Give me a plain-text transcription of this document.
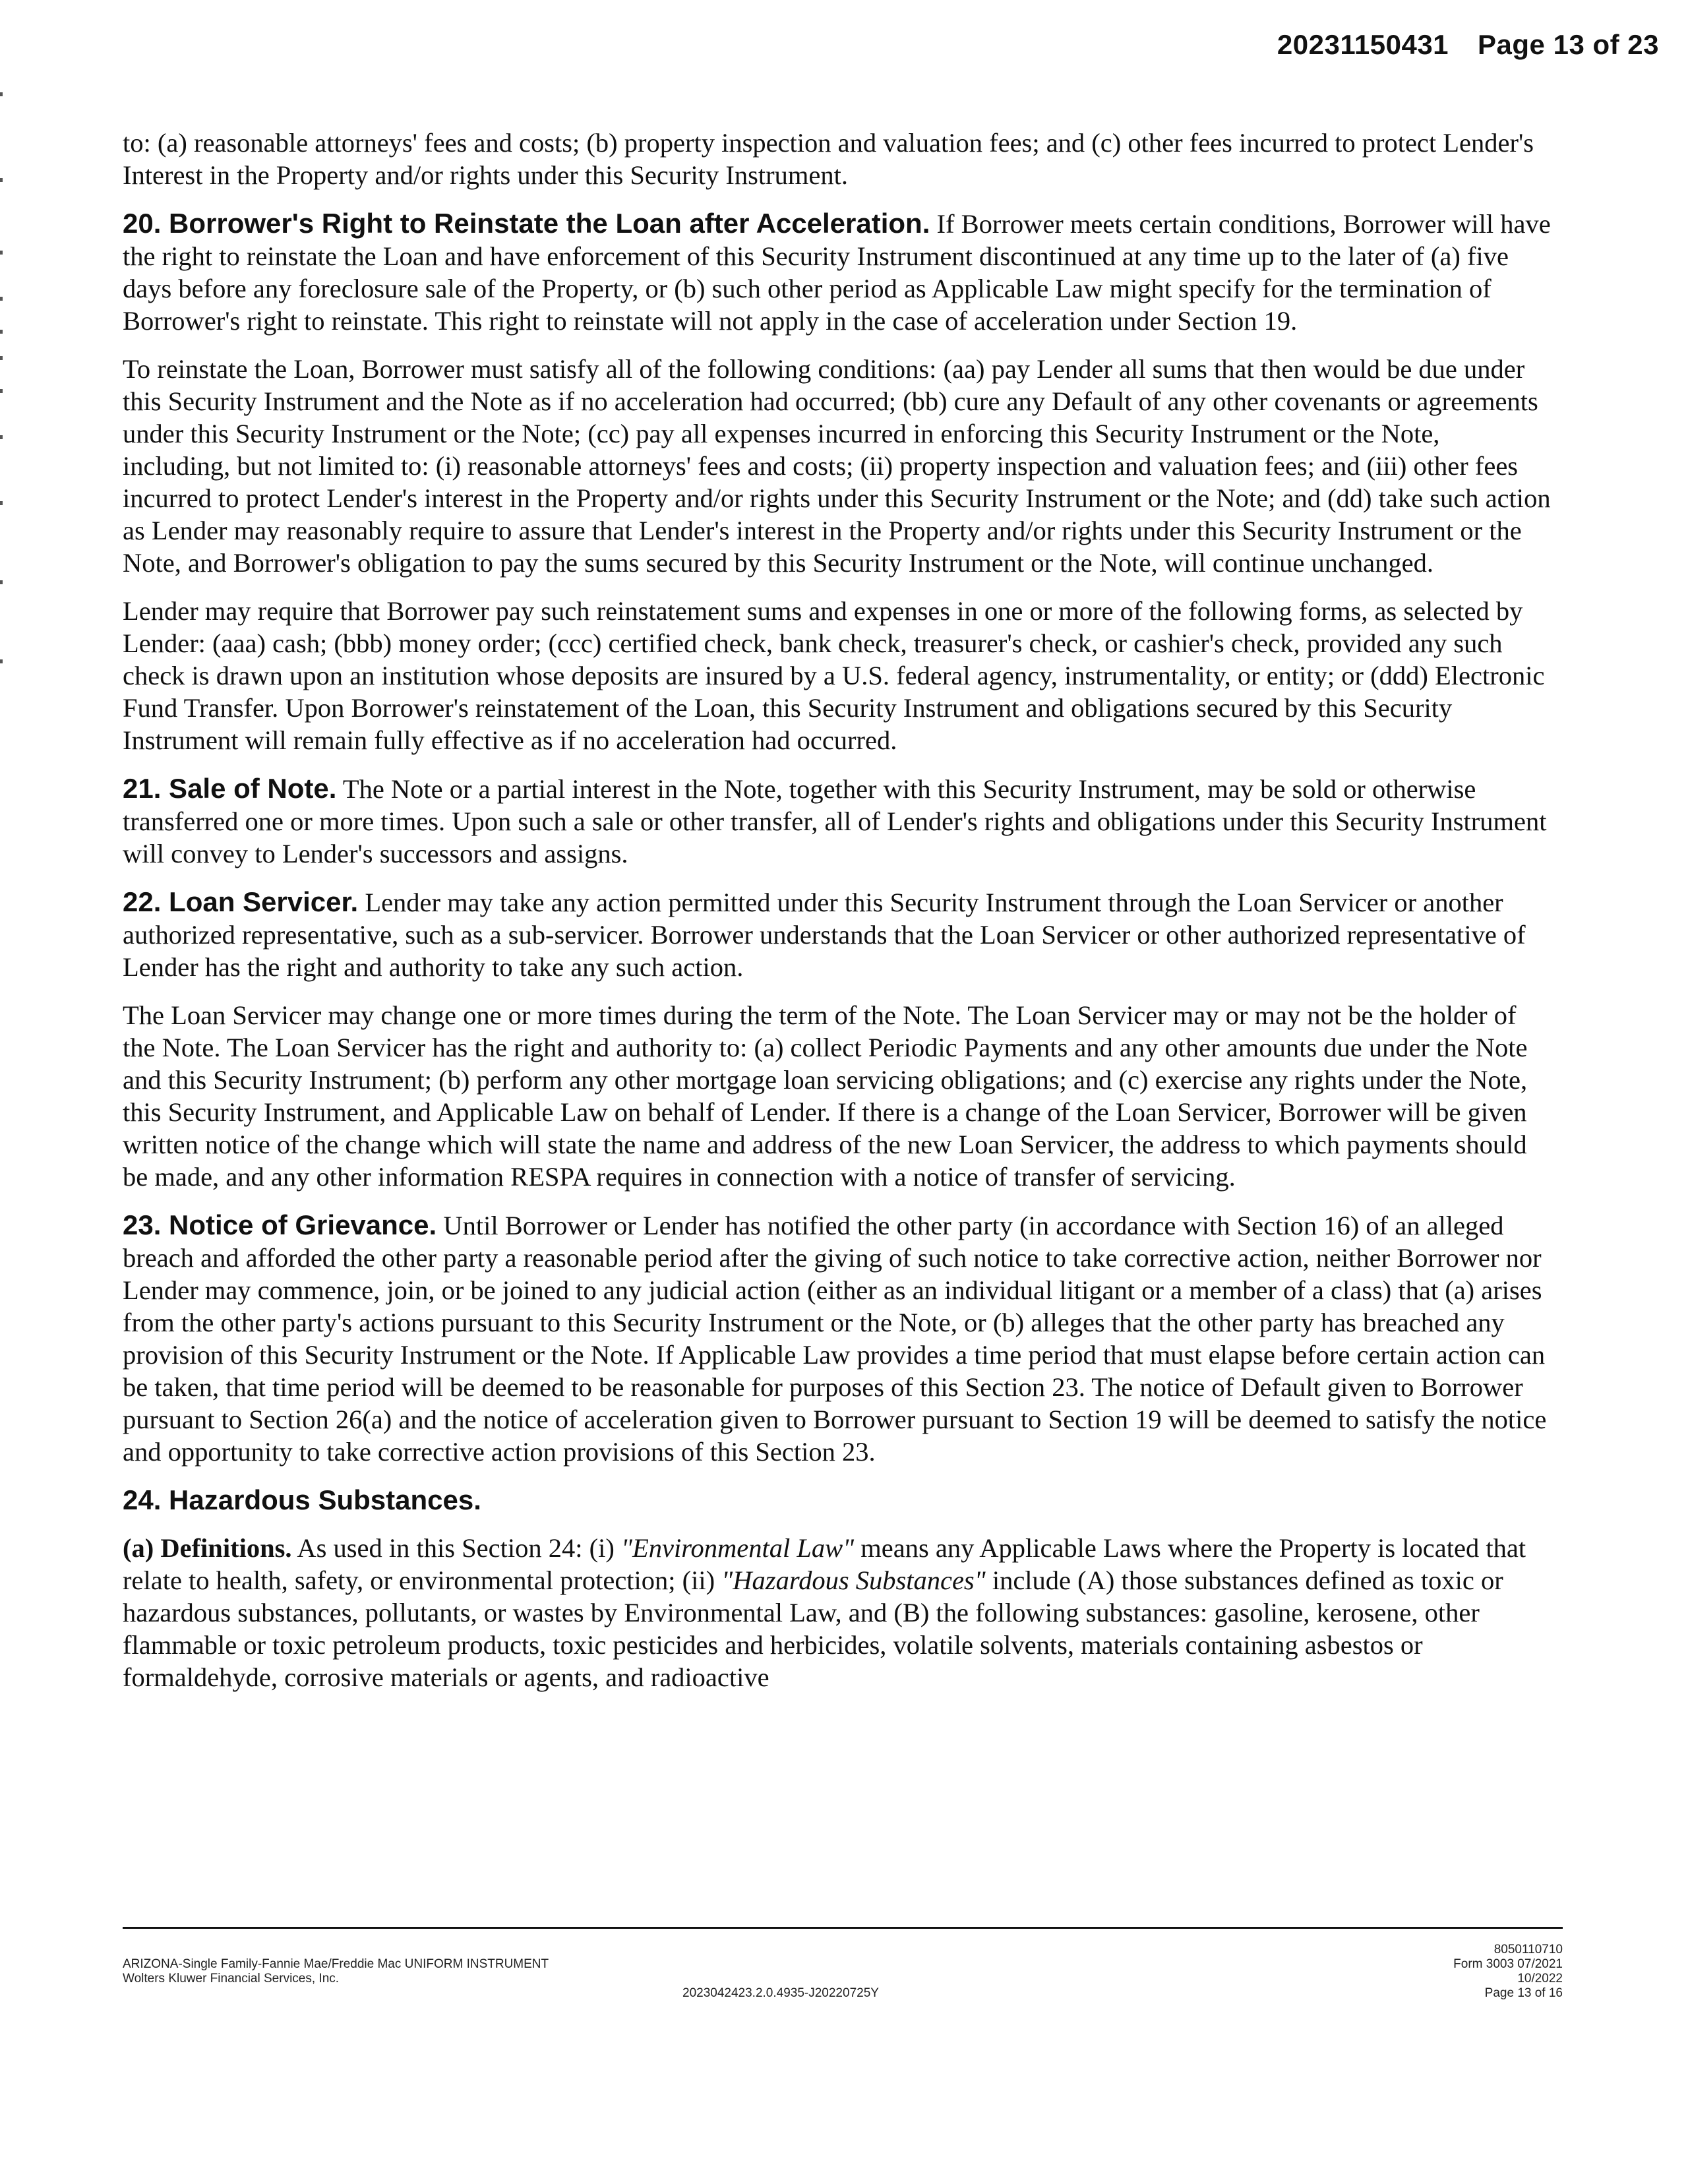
20231150431 Page 13 of 23

to: (a) reasonable attorneys' fees and costs; (b) property inspection and valuation fees; and (c) other fees incurred to protect Lender's Interest in the Property and/or rights under this Security Instrument.

20. Borrower's Right to Reinstate the Loan after Acceleration. If Borrower meets certain conditions, Borrower will have the right to reinstate the Loan and have enforcement of this Security Instrument discontinued at any time up to the later of (a) five days before any foreclosure sale of the Property, or (b) such other period as Applicable Law might specify for the termination of Borrower's right to reinstate. This right to reinstate will not apply in the case of acceleration under Section 19.

To reinstate the Loan, Borrower must satisfy all of the following conditions: (aa) pay Lender all sums that then would be due under this Security Instrument and the Note as if no acceleration had occurred; (bb) cure any Default of any other covenants or agreements under this Security Instrument or the Note; (cc) pay all expenses incurred in enforcing this Security Instrument or the Note, including, but not limited to: (i) reasonable attorneys' fees and costs; (ii) property inspection and valuation fees; and (iii) other fees incurred to protect Lender's interest in the Property and/or rights under this Security Instrument or the Note; and (dd) take such action as Lender may reasonably require to assure that Lender's interest in the Property and/or rights under this Security Instrument or the Note, and Borrower's obligation to pay the sums secured by this Security Instrument or the Note, will continue unchanged.

Lender may require that Borrower pay such reinstatement sums and expenses in one or more of the following forms, as selected by Lender: (aaa) cash; (bbb) money order; (ccc) certified check, bank check, treasurer's check, or cashier's check, provided any such check is drawn upon an institution whose deposits are insured by a U.S. federal agency, instrumentality, or entity; or (ddd) Electronic Fund Transfer. Upon Borrower's reinstatement of the Loan, this Security Instrument and obligations secured by this Security Instrument will remain fully effective as if no acceleration had occurred.

21. Sale of Note. The Note or a partial interest in the Note, together with this Security Instrument, may be sold or otherwise transferred one or more times. Upon such a sale or other transfer, all of Lender's rights and obligations under this Security Instrument will convey to Lender's successors and assigns.

22. Loan Servicer. Lender may take any action permitted under this Security Instrument through the Loan Servicer or another authorized representative, such as a sub-servicer. Borrower understands that the Loan Servicer or other authorized representative of Lender has the right and authority to take any such action.

The Loan Servicer may change one or more times during the term of the Note. The Loan Servicer may or may not be the holder of the Note. The Loan Servicer has the right and authority to: (a) collect Periodic Payments and any other amounts due under the Note and this Security Instrument; (b) perform any other mortgage loan servicing obligations; and (c) exercise any rights under the Note, this Security Instrument, and Applicable Law on behalf of Lender. If there is a change of the Loan Servicer, Borrower will be given written notice of the change which will state the name and address of the new Loan Servicer, the address to which payments should be made, and any other information RESPA requires in connection with a notice of transfer of servicing.

23. Notice of Grievance. Until Borrower or Lender has notified the other party (in accordance with Section 16) of an alleged breach and afforded the other party a reasonable period after the giving of such notice to take corrective action, neither Borrower nor Lender may commence, join, or be joined to any judicial action (either as an individual litigant or a member of a class) that (a) arises from the other party's actions pursuant to this Security Instrument or the Note, or (b) alleges that the other party has breached any provision of this Security Instrument or the Note. If Applicable Law provides a time period that must elapse before certain action can be taken, that time period will be deemed to be reasonable for purposes of this Section 23. The notice of Default given to Borrower pursuant to Section 26(a) and the notice of acceleration given to Borrower pursuant to Section 19 will be deemed to satisfy the notice and opportunity to take corrective action provisions of this Section 23.

24. Hazardous Substances.

(a) Definitions. As used in this Section 24: (i) "Environmental Law" means any Applicable Laws where the Property is located that relate to health, safety, or environmental protection; (ii) "Hazardous Substances" include (A) those substances defined as toxic or hazardous substances, pollutants, or wastes by Environmental Law, and (B) the following substances: gasoline, kerosene, other flammable or toxic petroleum products, toxic pesticides and herbicides, volatile solvents, materials containing asbestos or formaldehyde, corrosive materials or agents, and radioactive

ARIZONA-Single Family-Fannie Mae/Freddie Mac UNIFORM INSTRUMENT
Wolters Kluwer Financial Services, Inc.
2023042423.2.0.4935-J20220725Y
8050110710
Form 3003 07/2021
10/2022
Page 13 of 16
